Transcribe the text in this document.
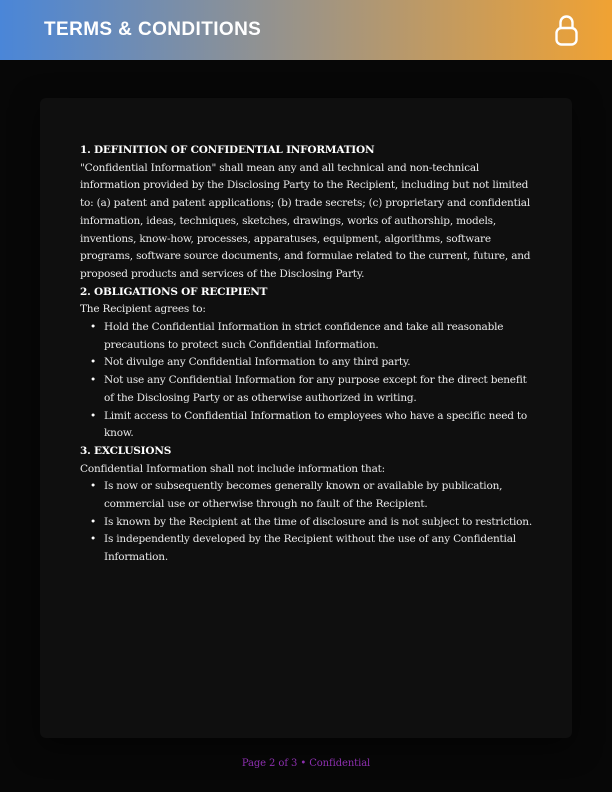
TERMS & CONDITIONS

1. DEFINITION OF CONFIDENTIAL INFORMATION

"Confidential Information" shall mean any and all technical and non-technical information provided by the Disclosing Party to the Recipient, including but not limited to: (a) patent and patent applications; (b) trade secrets; (c) proprietary and confidential information, ideas, techniques, sketches, drawings, works of authorship, models, inventions, know-how, processes, apparatuses, equipment, algorithms, software programs, software source documents, and formulae related to the current, future, and proposed products and services of the Disclosing Party.

2. OBLIGATIONS OF RECIPIENT

The Recipient agrees to:

• Hold the Confidential Information in strict confidence and take all reasonable precautions to protect such Confidential Information.
• Not divulge any Confidential Information to any third party.
• Not use any Confidential Information for any purpose except for the direct benefit of the Disclosing Party or as otherwise authorized in writing.
• Limit access to Confidential Information to employees who have a specific need to know.

3. EXCLUSIONS

Confidential Information shall not include information that:

• Is now or subsequently becomes generally known or available by publication, commercial use or otherwise through no fault of the Recipient.
• Is known by the Recipient at the time of disclosure and is not subject to restriction.
• Is independently developed by the Recipient without the use of any Confidential Information.
Page 2 of 3 • Confidential
